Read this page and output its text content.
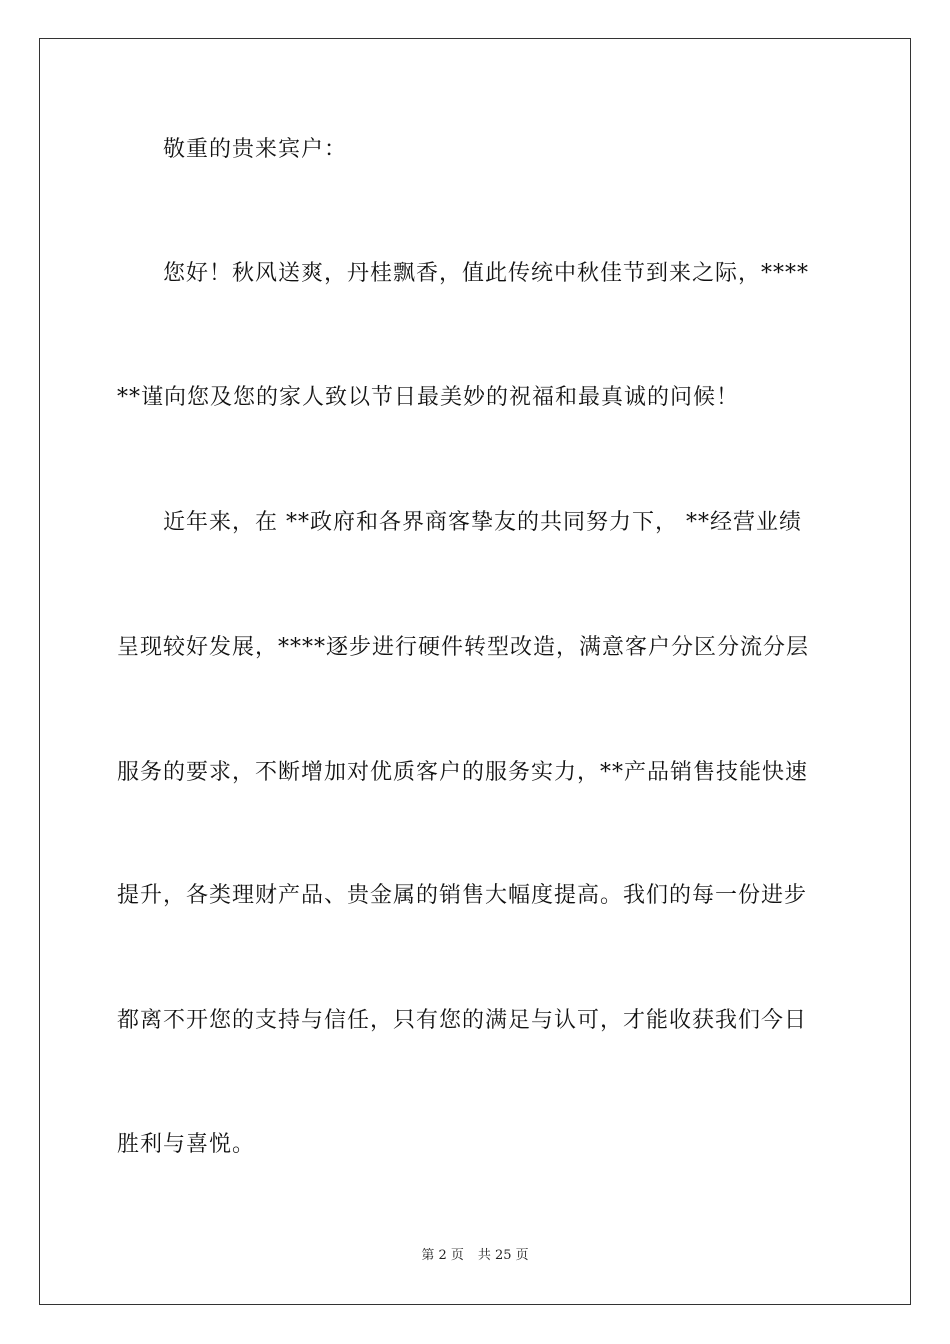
敬重的贵来宾户：
您好！秋风送爽，丹桂飘香，值此传统中秋佳节到来之际，****
**谨向您及您的家人致以节日最美妙的祝福和最真诚的问候！
近年来，在 **政府和各界商客挚友的共同努力下， **经营业绩
呈现较好发展，****逐步进行硬件转型改造，满意客户分区分流分层
服务的要求，不断增加对优质客户的服务实力，**产品销售技能快速
提升，各类理财产品、贵金属的销售大幅度提高。我们的每一份进步
都离不开您的支持与信任，只有您的满足与认可，才能收获我们今日
胜利与喜悦。
第 2 页 共 25 页
